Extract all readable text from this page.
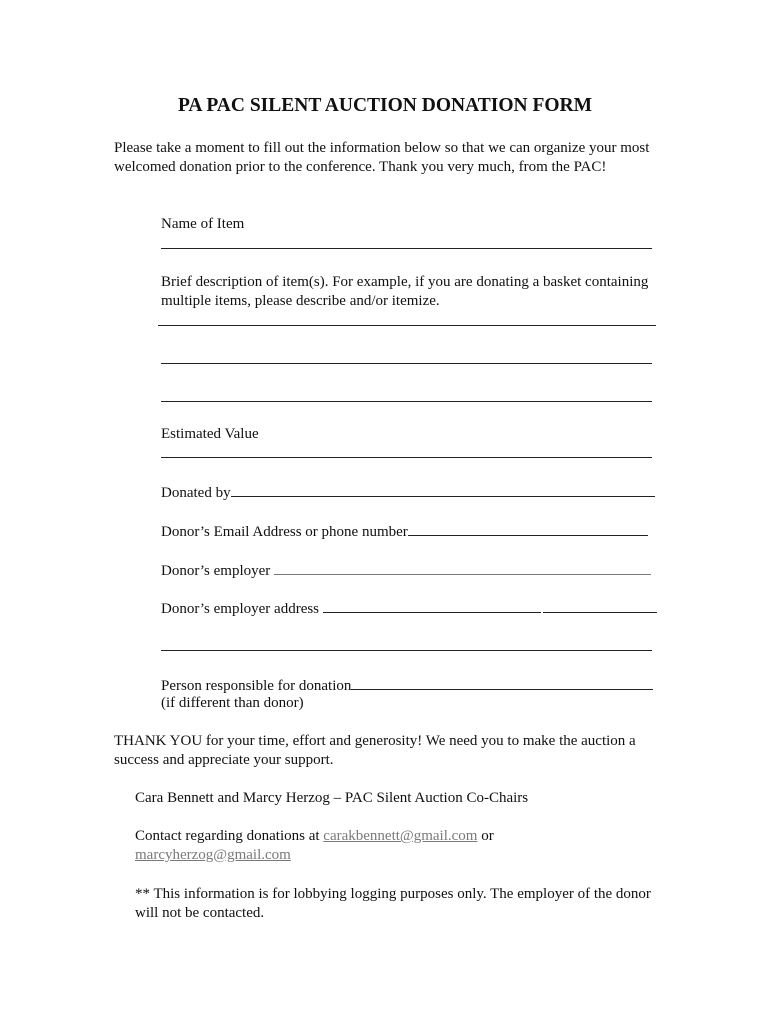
PA PAC SILENT AUCTION DONATION FORM
Please take a moment to fill out the information below so that we can organize your most
welcomed donation prior to the conference. Thank you very much, from the PAC!
Name of Item
Brief description of item(s). For example, if you are donating a basket containing
multiple items, please describe and/or itemize.
Estimated Value
Donated by
Donor’s Email Address or phone number
Donor’s employer
Donor’s employer address
Person responsible for donation
(if different than donor)
THANK YOU for your time, effort and generosity! We need you to make the auction a
success and appreciate your support.
Cara Bennett and Marcy Herzog – PAC Silent Auction Co-Chairs
Contact regarding donations at carakbennett@gmail.com or
marcyherzog@gmail.com
** This information is for lobbying logging purposes only. The employer of the donor
will not be contacted.
